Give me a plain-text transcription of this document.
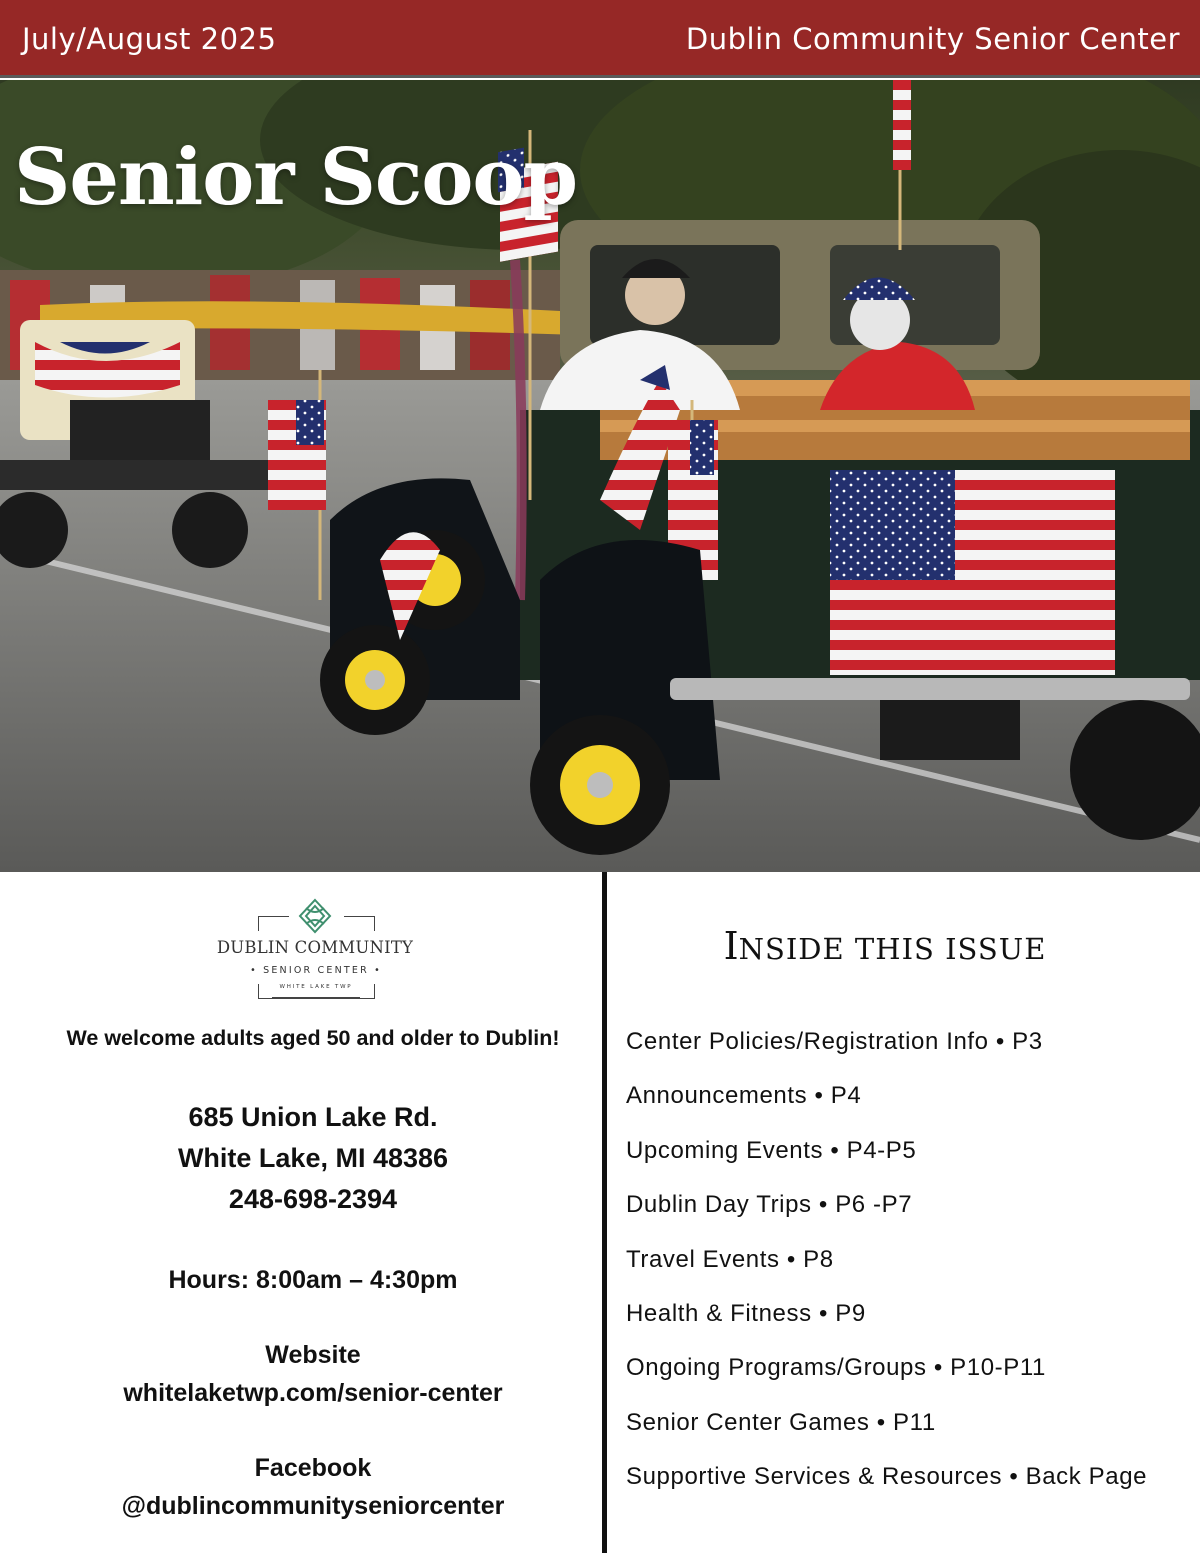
July/August 2025	Dublin Community Senior Center
Senior Scoop
DUBLIN COMMUNITY
• SENIOR CENTER •
WHITE LAKE TWP
We welcome adults aged 50 and older to Dublin!
685 Union Lake Rd.
White Lake, MI 48386
248-698-2394
Hours: 8:00am – 4:30pm
Website
whitelaketwp.com/senior-center
Facebook
@dublincommunityseniorcenter
INSIDE THIS ISSUE
Center Policies/Registration Info • P3
Announcements • P4
Upcoming Events • P4-P5
Dublin Day Trips • P6 -P7
Travel Events • P8
Health & Fitness • P9
Ongoing Programs/Groups • P10-P11
Senior Center Games • P11
Supportive Services & Resources • Back Page
